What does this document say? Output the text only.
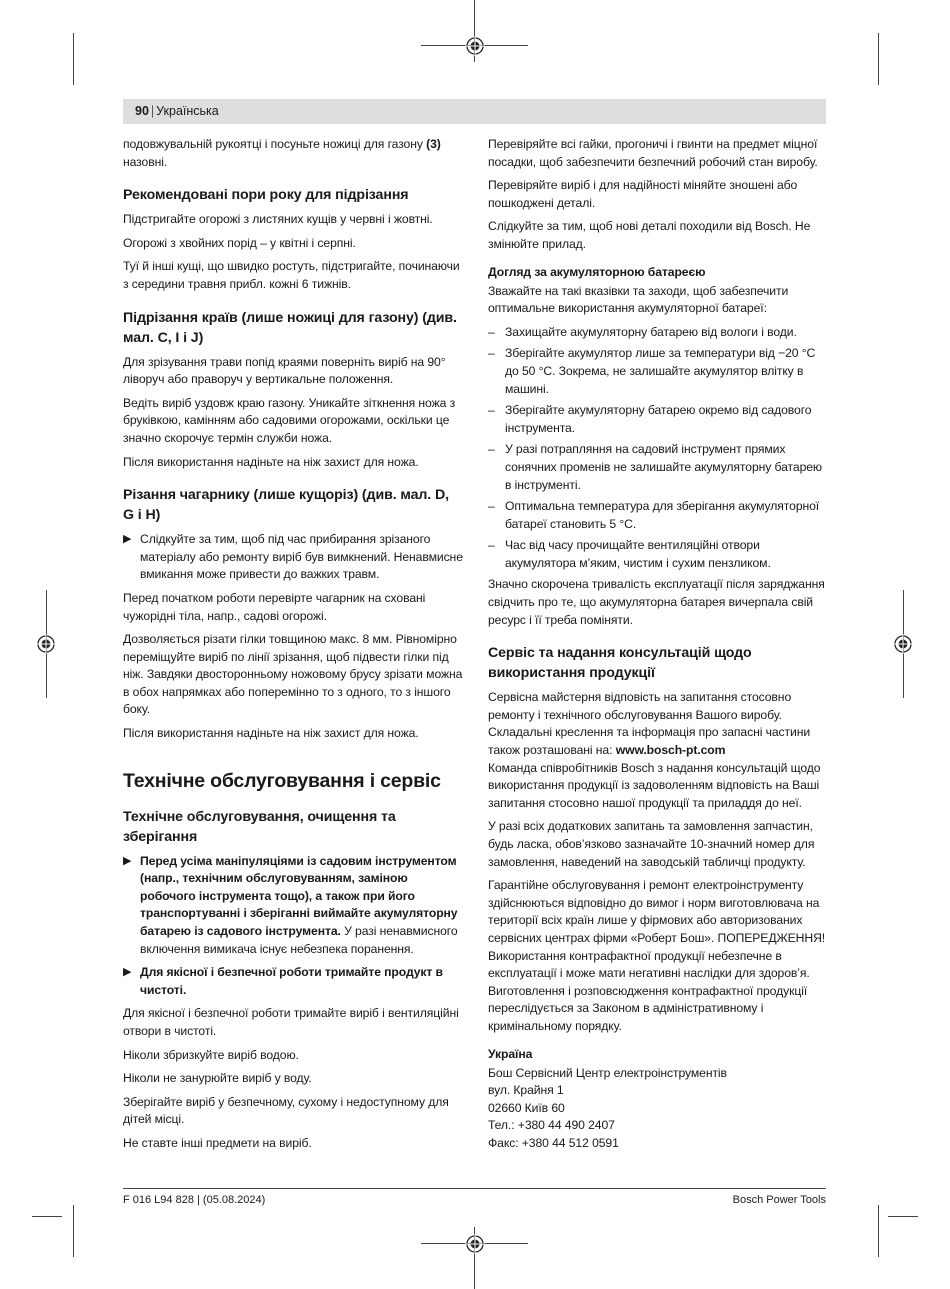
90 | Українська

подовжувальній рукоятці і посуньте ножиці для газону (3) назовні.

Рекомендовані пори року для підрізання

Підстригайте огорожі з листяних кущів у червні і жовтні.

Огорожі з хвойних порід – у квітні і серпні.

Туї й інші кущі, що швидко ростуть, підстригайте, починаючи з середини травня прибл. кожні 6 тижнів.

Підрізання країв (лише ножиці для газону) (див. мал. C, I i J)

Для зрізування трави попід краями поверніть виріб на 90° ліворуч або праворуч у вертикальне положення.

Ведіть виріб уздовж краю газону. Уникайте зіткнення ножа з бруківкою, камінням або садовими огорожами, оскільки це значно скорочує термін служби ножа.

Після використання надіньте на ніж захист для ножа.

Різання чагарнику (лише кущоріз) (див. мал. D, G i H)
▶ Слідкуйте за тим, щоб під час прибирання зрізаного матеріалу або ремонту виріб був вимкнений. Ненавмисне вмикання може привести до важких травм.

Перед початком роботи перевірте чагарник на сховані чужорідні тіла, напр., садові огорожі.

Дозволяється різати гілки товщиною макс. 8 мм. Рівномірно переміщуйте виріб по лінії зрізання, щоб підвести гілки під ніж. Завдяки двосторонньому ножовому брусу зрізати можна в обох напрямках або поперемінно то з одного, то з іншого боку.

Після використання надіньте на ніж захист для ножа.

Технічне обслуговування і сервіс
Технічне обслуговування, очищення та зберігання
▶ Перед усіма маніпуляціями із садовим інструментом (напр., технічним обслуговуванням, заміною робочого інструмента тощо), а також при його транспортуванні і зберіганні виймайте акумуляторну батарею із садового інструмента. У разі ненавмисного включення вимикача існує небезпека поранення.
▶ Для якісної і безпечної роботи тримайте продукт в чистоті.

Для якісної і безпечної роботи тримайте виріб і вентиляційні отвори в чистоті.

Ніколи збризкуйте виріб водою.

Ніколи не занурюйте виріб у воду.

Зберігайте виріб у безпечному, сухому і недоступному для дітей місці.

Не ставте інші предмети на виріб.

Перевіряйте всі гайки, прогоничі і гвинти на предмет міцної посадки, щоб забезпечити безпечний робочий стан виробу.

Перевіряйте виріб і для надійності міняйте зношені або пошкоджені деталі.

Слідкуйте за тим, щоб нові деталі походили від Bosch. Не змінюйте прилад.

Догляд за акумуляторною батареєю

Зважайте на такі вказівки та заходи, щоб забезпечити оптимальне використання акумуляторної батареї:

– Захищайте акумуляторну батарею від вологи і води.
– Зберігайте акумулятор лише за температури від −20 °C до 50 °C. Зокрема, не залишайте акумулятор влітку в машині.
– Зберігайте акумуляторну батарею окремо від садового інструмента.
– У разі потрапляння на садовий інструмент прямих сонячних променів не залишайте акумуляторну батарею в інструменті.
– Оптимальна температура для зберігання акумуляторної батареї становить 5 °C.
– Час від часу прочищайте вентиляційні отвори акумулятора м’яким, чистим і сухим пензликом.

Значно скорочена тривалість експлуатації після заряджання свідчить про те, що акумуляторна батарея вичерпала свій ресурс і її треба поміняти.

Сервіс та надання консультацій щодо використання продукції

Сервісна майстерня відповість на запитання стосовно ремонту і технічного обслуговування Вашого виробу. Складальні креслення та інформація про запасні частини також розташовані на: www.bosch-pt.com

Команда співробітників Bosch з надання консультацій щодо використання продукції із задоволенням відповість на Ваші запитання стосовно нашої продукції та приладдя до неї.

У разі всіх додаткових запитань та замовлення запчастин, будь ласка, обов’язково зазначайте 10‑значний номер для замовлення, наведений на заводській табличці продукту.

Гарантійне обслуговування і ремонт електроінструменту здійснюються відповідно до вимог і норм виготовлювача на території всіх країн лише у фірмових або авторизованих сервісних центрах фірми «Роберт Бош». ПОПЕРЕДЖЕННЯ! Використання контрафактної продукції небезпечне в експлуатації і може мати негативні наслідки для здоров’я. Виготовлення і розповсюдження контрафактної продукції переслідується за Законом в адміністративному і кримінальному порядку.

Україна

Бош Сервісний Центр електроінструментів

вул. Крайня 1

02660 Київ 60

Тел.: +380 44 490 2407

Факс: +380 44 512 0591

F 016 L94 828 | (05.08.2024)	Bosch Power Tools
